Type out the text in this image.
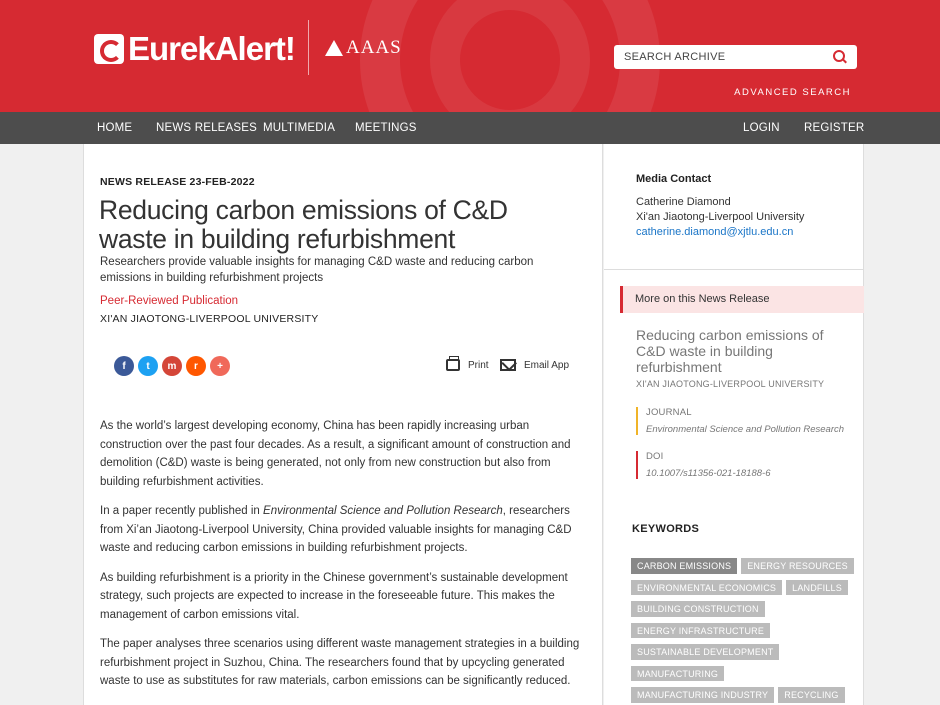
EurekAlert!	AAAS
SEARCH ARCHIVE
ADVANCED SEARCH
HOME NEWS RELEASES MULTIMEDIA MEETINGS	LOGIN REGISTER
NEWS RELEASE 23-FEB-2022
Reducing carbon emissions of C&D waste in building refurbishment
Researchers provide valuable insights for managing C&D waste and reducing carbon emissions in building refurbishment projects
Peer-Reviewed Publication
XI'AN JIAOTONG-LIVERPOOL UNIVERSITY
f	t	m	r	+	Print	Email App

As the world’s largest developing economy, China has been rapidly increasing urban construction over the past four decades. As a result, a significant amount of construction and demolition (C&D) waste is being generated, not only from new construction but also from building refurbishment activities.

In a paper recently published in Environmental Science and Pollution Research, researchers from Xi’an Jiaotong-Liverpool University, China provided valuable insights for managing C&D waste and reducing carbon emissions in building refurbishment projects.

As building refurbishment is a priority in the Chinese government’s sustainable development strategy, such projects are expected to increase in the foreseeable future. This makes the management of carbon emissions vital.

The paper analyses three scenarios using different waste management strategies in a building refurbishment project in Suzhou, China. The researchers found that by upcycling generated waste to use as substitutes for raw materials, carbon emissions can be significantly reduced.

Media Contact
Catherine Diamond
Xi'an Jiaotong-Liverpool University
catherine.diamond@xjtlu.edu.cn
More on this News Release
Reducing carbon emissions of C&D waste in building refurbishment
XI'AN JIAOTONG-LIVERPOOL UNIVERSITY
JOURNAL
Environmental Science and Pollution Research
DOI
10.1007/s11356-021-18188-6
KEYWORDS
CARBON EMISSIONS	ENERGY RESOURCES
ENVIRONMENTAL ECONOMICS	LANDFILLS
BUILDING CONSTRUCTION
ENERGY INFRASTRUCTURE
SUSTAINABLE DEVELOPMENT
MANUFACTURING
MANUFACTURING INDUSTRY	RECYCLING
